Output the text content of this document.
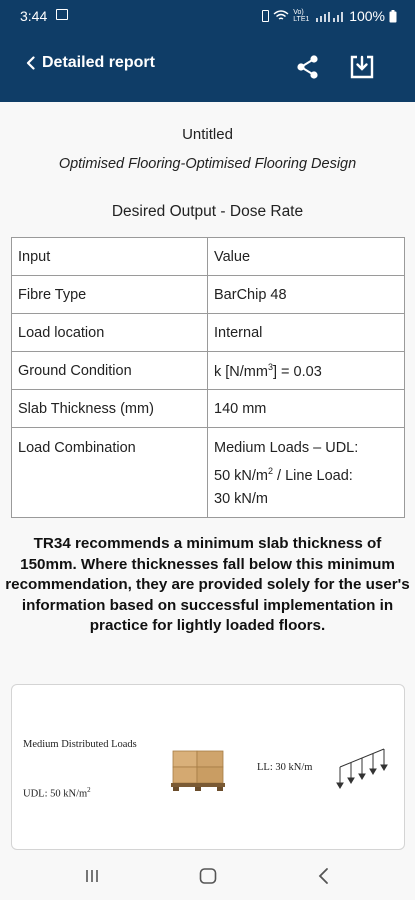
3:44	Vo) LTE1	100%
Detailed report
Untitled
Optimised Flooring-Optimised Flooring Design
Desired Output - Dose Rate
Input	Value
Fibre Type	BarChip 48
Load location	Internal
Ground Condition	k $[N/mm^3] = 0.03$
Slab Thickness (mm)	140 mm
Load Combination	Medium Loads – UDL:
50 $kN/m^2$ / Line Load:
30 kN/m
TR34 recommends a minimum slab thickness of 150mm. Where thicknesses fall below this minimum recommendation, they are provided solely for the user's information based on successful implementation in practice for lightly loaded floors.
Medium Distributed Loads
UDL: 50 $kN/m^2$
LL: 30 kN/m
